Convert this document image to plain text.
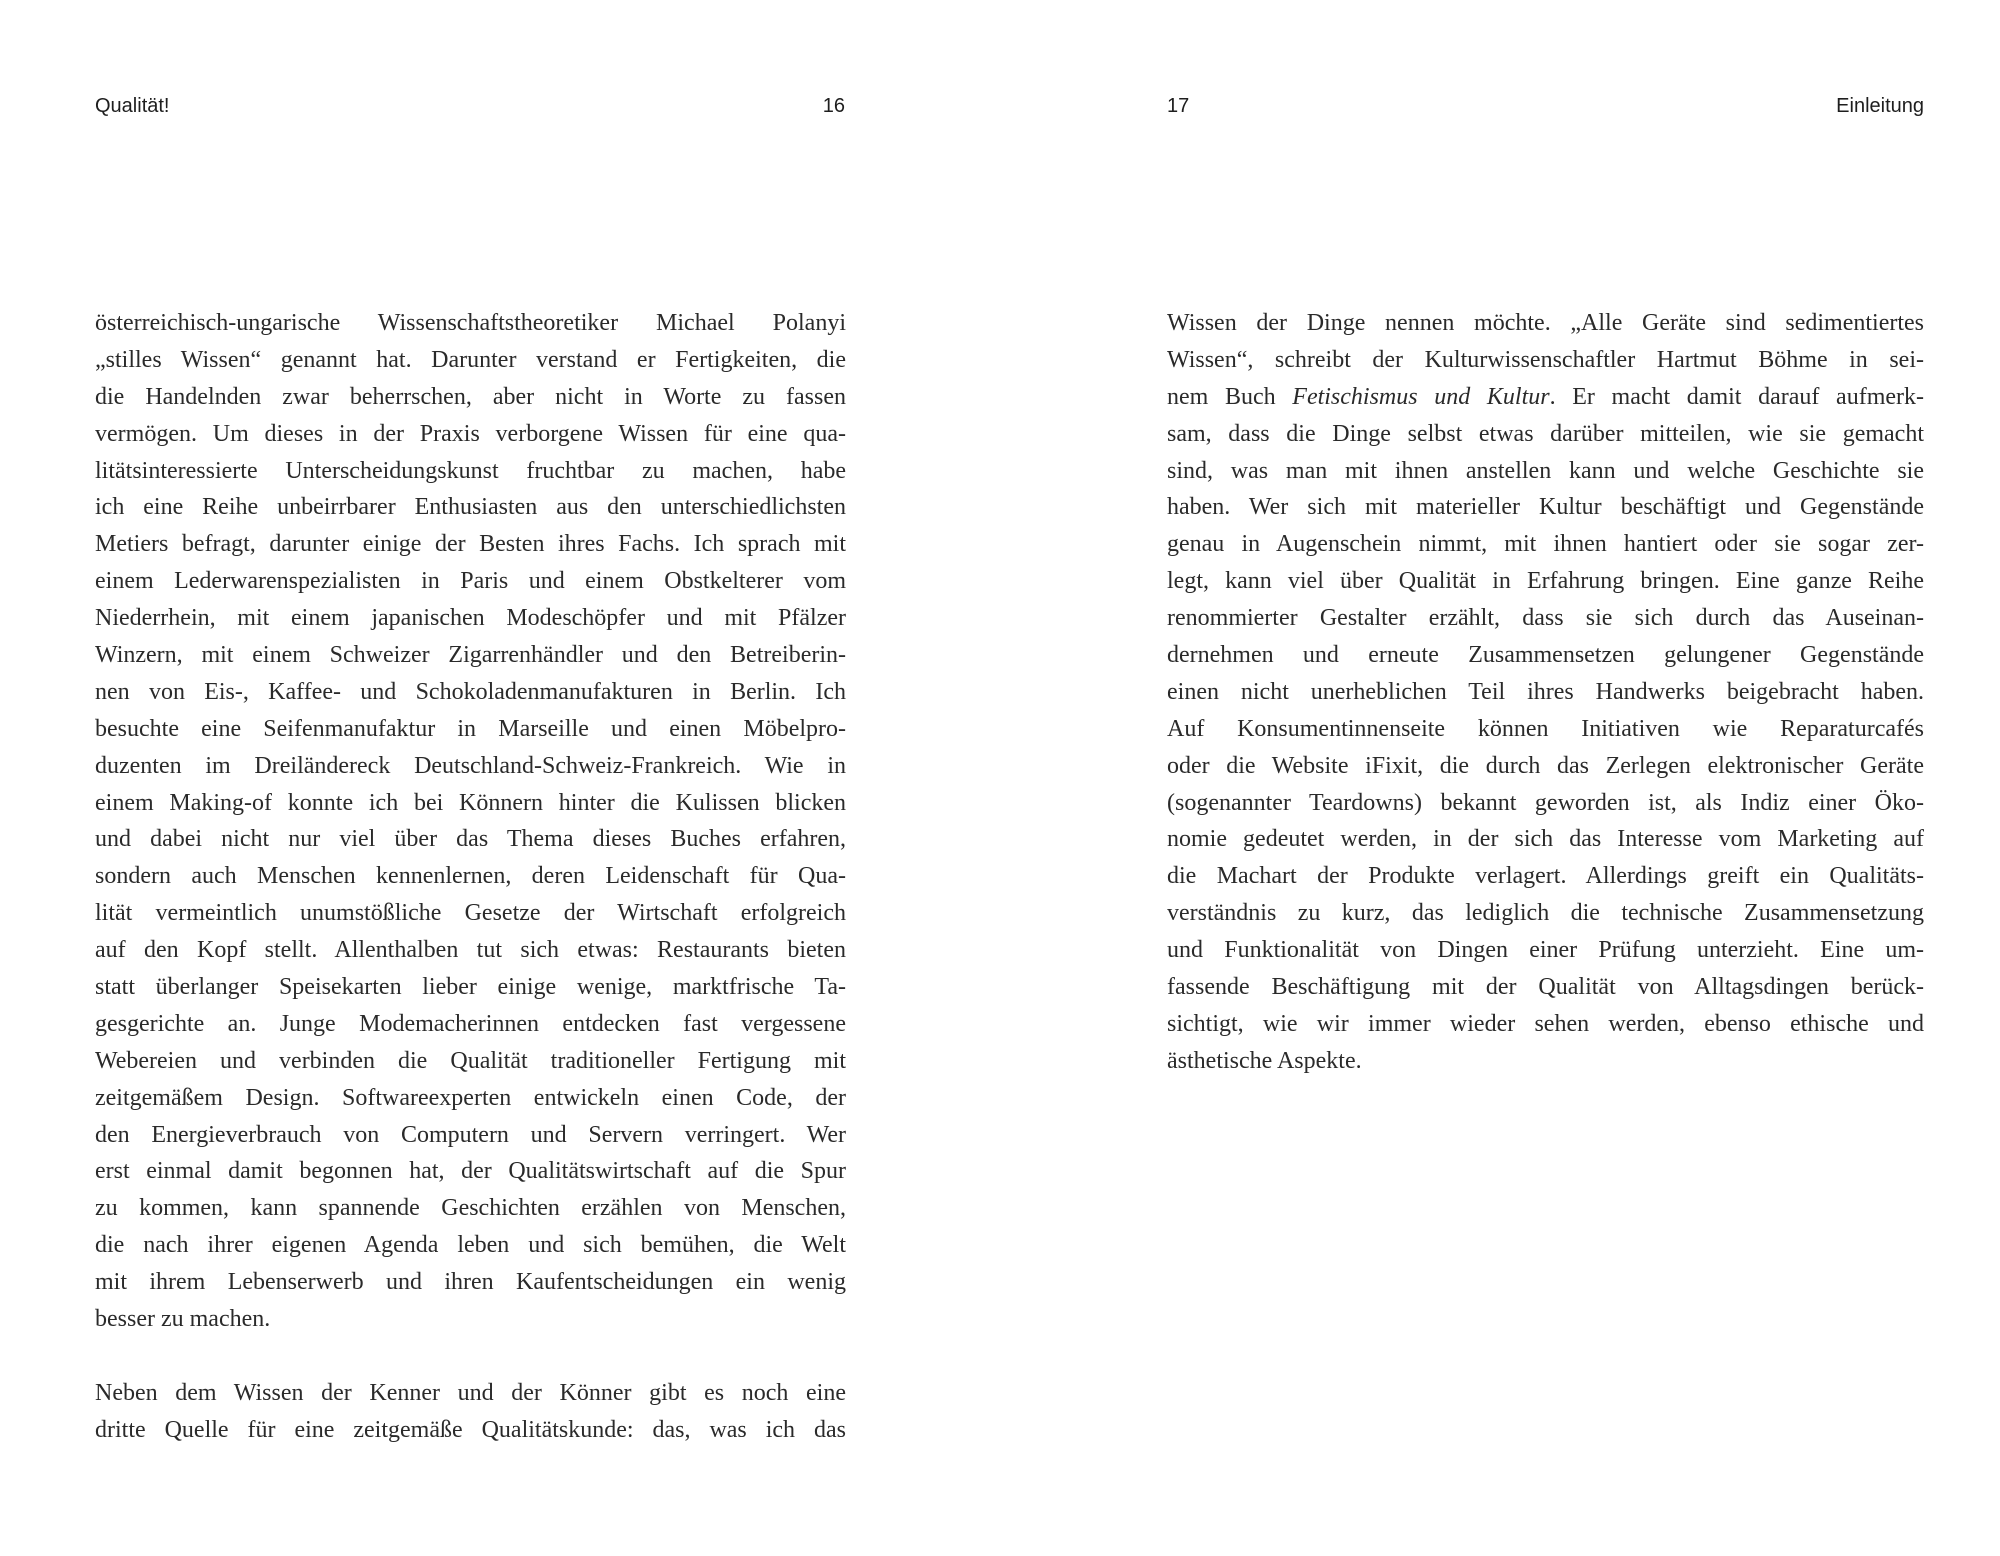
Qualität!	16
österreichisch-ungarische Wissenschaftstheoretiker Michael Polanyi
„stilles Wissen“ genannt hat. Darunter verstand er Fertigkeiten, die
die Handelnden zwar beherrschen, aber nicht in Worte zu fassen
vermögen. Um dieses in der Praxis verborgene Wissen für eine qua-
litätsinteressierte Unterscheidungskunst fruchtbar zu machen, habe
ich eine Reihe unbeirrbarer Enthusiasten aus den unterschiedlichsten
Metiers befragt, darunter einige der Besten ihres Fachs. Ich sprach mit
einem Lederwarenspezialisten in Paris und einem Obstkelterer vom
Niederrhein, mit einem japanischen Modeschöpfer und mit Pfälzer
Winzern, mit einem Schweizer Zigarrenhändler und den Betreiberin-
nen von Eis-, Kaffee- und Schokoladenmanufakturen in Berlin. Ich
besuchte eine Seifenmanufaktur in Marseille und einen Möbelpro-
duzenten im Dreiländereck Deutschland-Schweiz-Frankreich. Wie in
einem Making-of konnte ich bei Könnern hinter die Kulissen blicken
und dabei nicht nur viel über das Thema dieses Buches erfahren,
sondern auch Menschen kennenlernen, deren Leidenschaft für Qua-
lität vermeintlich unumstößliche Gesetze der Wirtschaft erfolgreich
auf den Kopf stellt. Allenthalben tut sich etwas: Restaurants bieten
statt überlanger Speisekarten lieber einige wenige, marktfrische Ta-
gesgerichte an. Junge Modemacherinnen entdecken fast vergessene
Webereien und verbinden die Qualität traditioneller Fertigung mit
zeitgemäßem Design. Softwareexperten entwickeln einen Code, der
den Energieverbrauch von Computern und Servern verringert. Wer
erst einmal damit begonnen hat, der Qualitätswirtschaft auf die Spur
zu kommen, kann spannende Geschichten erzählen von Menschen,
die nach ihrer eigenen Agenda leben und sich bemühen, die Welt
mit ihrem Lebenserwerb und ihren Kaufentscheidungen ein wenig
besser zu machen.
Neben dem Wissen der Kenner und der Könner gibt es noch eine
dritte Quelle für eine zeitgemäße Qualitätskunde: das, was ich das
17	Einleitung
Wissen der Dinge nennen möchte. „Alle Geräte sind sedimentiertes
Wissen“, schreibt der Kulturwissenschaftler Hartmut Böhme in sei-
nem Buch Fetischismus und Kultur. Er macht damit darauf aufmerk-
sam, dass die Dinge selbst etwas darüber mitteilen, wie sie gemacht
sind, was man mit ihnen anstellen kann und welche Geschichte sie
haben. Wer sich mit materieller Kultur beschäftigt und Gegenstände
genau in Augenschein nimmt, mit ihnen hantiert oder sie sogar zer-
legt, kann viel über Qualität in Erfahrung bringen. Eine ganze Reihe
renommierter Gestalter erzählt, dass sie sich durch das Auseinan-
dernehmen und erneute Zusammensetzen gelungener Gegenstände
einen nicht unerheblichen Teil ihres Handwerks beigebracht haben.
Auf Konsumentinnenseite können Initiativen wie Reparaturcafés
oder die Website iFixit, die durch das Zerlegen elektronischer Geräte
(sogenannter Teardowns) bekannt geworden ist, als Indiz einer Öko-
nomie gedeutet werden, in der sich das Interesse vom Marketing auf
die Machart der Produkte verlagert. Allerdings greift ein Qualitäts-
verständnis zu kurz, das lediglich die technische Zusammensetzung
und Funktionalität von Dingen einer Prüfung unterzieht. Eine um-
fassende Beschäftigung mit der Qualität von Alltagsdingen berück-
sichtigt, wie wir immer wieder sehen werden, ebenso ethische und
ästhetische Aspekte.
